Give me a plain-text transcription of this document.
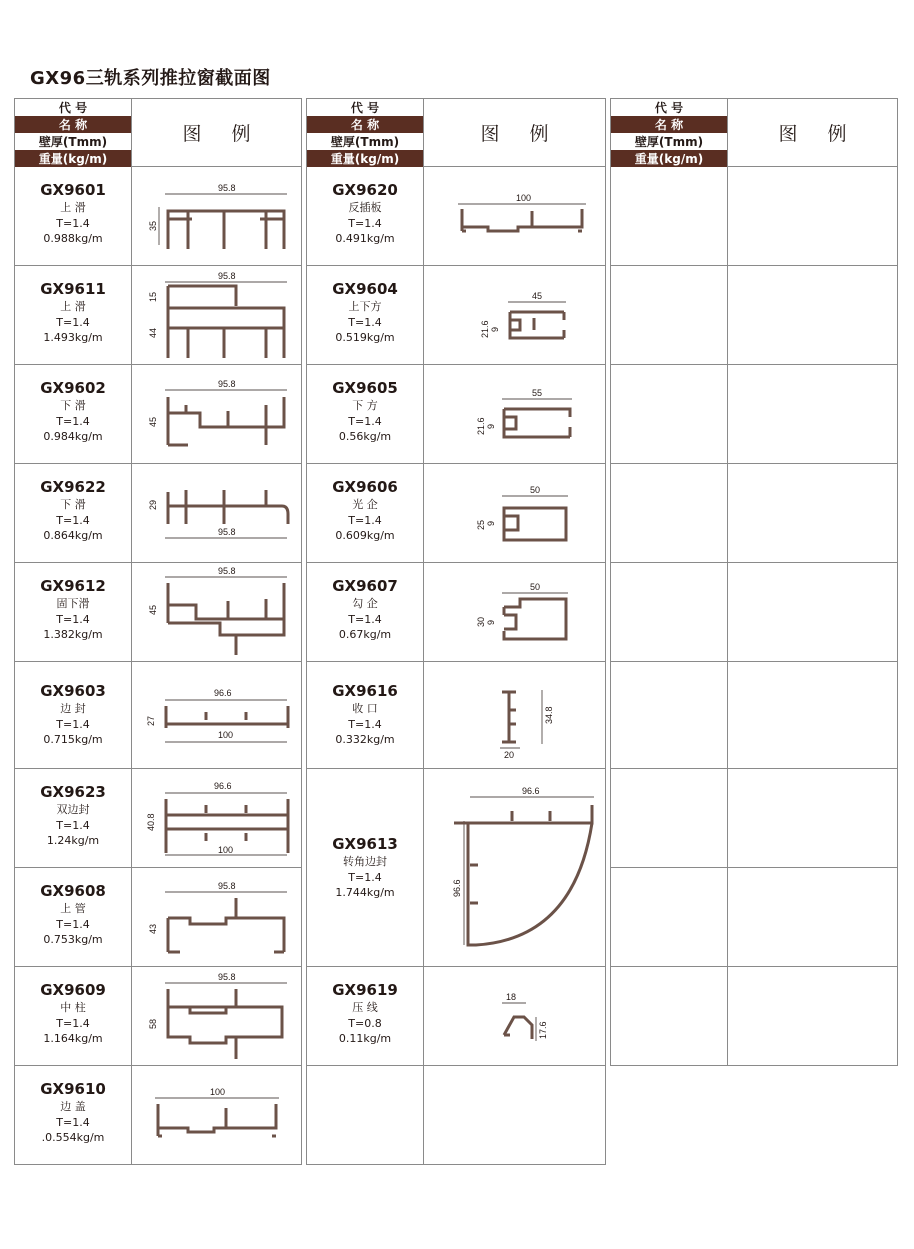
GX96三轨系列推拉窗截面图
代 号
名 称
壁厚(Tmm)
重量(kg/m)
图 例
GX9601
上 滑
T=1.4
0.988kg/m
95.8
35
GX9611
上 滑
T=1.4
1.493kg/m
95.8
15
44
GX9602
下 滑
T=1.4
0.984kg/m
95.8
45
GX9622
下 滑
T=1.4
0.864kg/m
29
95.8
GX9612
固下滑
T=1.4
1.382kg/m
95.8
45
GX9603
边 封
T=1.4
0.715kg/m
96.6
27
100
GX9623
双边封
T=1.4
1.24kg/m
96.6
40.8
100
GX9608
上 管
T=1.4
0.753kg/m
95.8
43
GX9609
中 柱
T=1.4
1.164kg/m
95.8
58
GX9610
边 盖
T=1.4
.0.554kg/m
100
代 号
名 称
壁厚(Tmm)
重量(kg/m)
图 例
GX9620
反插板
T=1.4
0.491kg/m
100
GX9604
上下方
T=1.4
0.519kg/m
45
21.6 9
GX9605
下 方
T=1.4
0.56kg/m
55
21.6 9
GX9606
光 企
T=1.4
0.609kg/m
50
25 9
GX9607
勾 企
T=1.4
0.67kg/m
50
30 9
GX9616
收 口
T=1.4
0.332kg/m
34.8
20
GX9613
转角边封
T=1.4
1.744kg/m
96.6
96.6
GX9619
压 线
T=0.8
0.11kg/m
18
17.6
代 号
名 称
壁厚(Tmm)
重量(kg/m)
图 例
